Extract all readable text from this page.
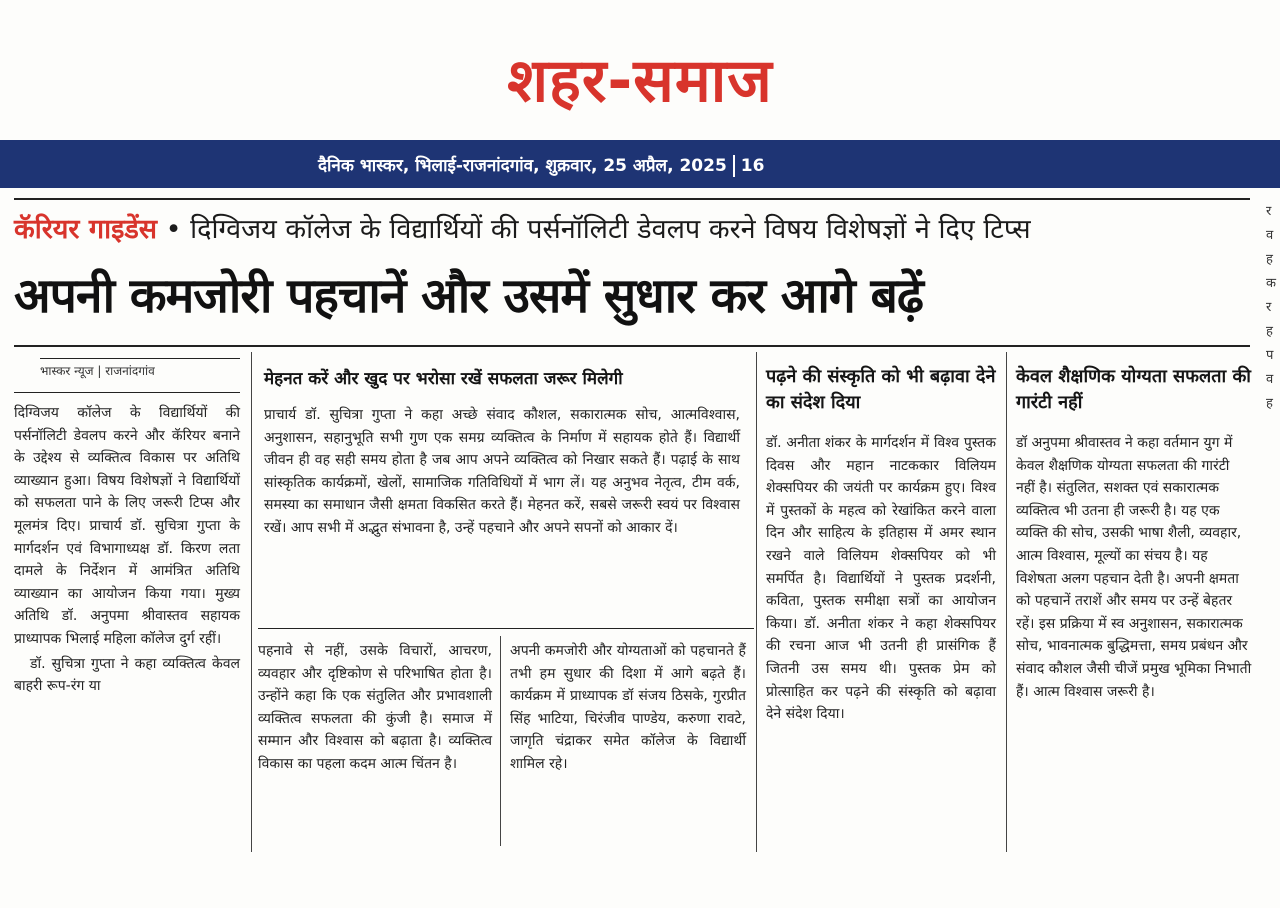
शहर-समाज
दैनिक भास्कर, भिलाई-राजनांदगांव, शुक्रवार, 25 अप्रैल, 2025 16
कॅरियर गाइडेंस • दिग्विजय कॉलेज के विद्यार्थियों की पर्सनॉलिटी डेवलप करने विषय विशेषज्ञों ने दिए टिप्स
अपनी कमजोरी पहचानें और उसमें सुधार कर आगे बढ़ें
भास्कर न्यूज | राजनांदगांव
दिग्विजय कॉलेज के विद्यार्थियों की पर्सनॉलिटी डेवलप करने और कॅरियर बनाने के उद्देश्य से व्यक्तित्व विकास पर अतिथि व्याख्यान हुआ। विषय विशेषज्ञों ने विद्यार्थियों को सफलता पाने के लिए जरूरी टिप्स और मूलमंत्र दिए। प्राचार्य डॉ. सुचित्रा गुप्ता के मार्गदर्शन एवं विभागाध्यक्ष डॉ. किरण लता दामले के निर्देशन में आमंत्रित अतिथि व्याख्यान का आयोजन किया गया। मुख्य अतिथि डॉ. अनुपमा श्रीवास्तव सहायक प्राध्यापक भिलाई महिला कॉलेज दुर्ग रहीं।
डॉ. सुचित्रा गुप्ता ने कहा व्यक्तित्व केवल बाहरी रूप-रंग या
मेहनत करें और खुद पर भरोसा रखें सफलता जरूर मिलेगी
प्राचार्य डॉ. सुचित्रा गुप्ता ने कहा अच्छे संवाद कौशल, सकारात्मक सोच, आत्मविश्वास, अनुशासन, सहानुभूति सभी गुण एक समग्र व्यक्तित्व के निर्माण में सहायक होते हैं। विद्यार्थी जीवन ही वह सही समय होता है जब आप अपने व्यक्तित्व को निखार सकते हैं। पढ़ाई के साथ सांस्कृतिक कार्यक्रमों, खेलों, सामाजिक गतिविधियों में भाग लें। यह अनुभव नेतृत्व, टीम वर्क, समस्या का समाधान जैसी क्षमता विकसित करते हैं। मेहनत करें, सबसे जरूरी स्वयं पर विश्वास रखें। आप सभी में अद्भुत संभावना है, उन्हें पहचाने और अपने सपनों को आकार दें।
पहनावे से नहीं, उसके विचारों, आचरण, व्यवहार और दृष्टिकोण से परिभाषित होता है। उन्होंने कहा कि एक संतुलित और प्रभावशाली व्यक्तित्व सफलता की कुंजी है। समाज में सम्मान और विश्वास को बढ़ाता है। व्यक्तित्व विकास का पहला कदम आत्म चिंतन है।
अपनी कमजोरी और योग्यताओं को पहचानते हैं तभी हम सुधार की दिशा में आगे बढ़ते हैं। कार्यक्रम में प्राध्यापक डॉ संजय ठिसके, गुरप्रीत सिंह भाटिया, चिरंजीव पाण्डेय, करुणा रावटे, जागृति चंद्राकर समेत कॉलेज के विद्यार्थी शामिल रहे।
पढ़ने की संस्कृति को भी बढ़ावा देने का संदेश दिया
डॉ. अनीता शंकर के मार्गदर्शन में विश्व पुस्तक दिवस और महान नाटककार विलियम शेक्सपियर की जयंती पर कार्यक्रम हुए। विश्व में पुस्तकों के महत्व को रेखांकित करने वाला दिन और साहित्य के इतिहास में अमर स्थान रखने वाले विलियम शेक्सपियर को भी समर्पित है। विद्यार्थियों ने पुस्तक प्रदर्शनी, कविता, पुस्तक समीक्षा सत्रों का आयोजन किया। डॉ. अनीता शंकर ने कहा शेक्सपियर की रचना आज भी उतनी ही प्रासंगिक हैं जितनी उस समय थी। पुस्तक प्रेम को प्रोत्साहित कर पढ़ने की संस्कृति को बढ़ावा देने संदेश दिया।
केवल शैक्षणिक योग्यता सफलता की गारंटी नहीं
डॉ अनुपमा श्रीवास्तव ने कहा वर्तमान युग में केवल शैक्षणिक योग्यता सफलता की गारंटी नहीं है। संतुलित, सशक्त एवं सकारात्मक व्यक्तित्व भी उतना ही जरूरी है। यह एक व्यक्ति की सोच, उसकी भाषा शैली, व्यवहार, आत्म विश्वास, मूल्यों का संचय है। यह विशेषता अलग पहचान देती है। अपनी क्षमता को पहचानें तराशें और समय पर उन्हें बेहतर रहें। इस प्रक्रिया में स्व अनुशासन, सकारात्मक सोच, भावनात्मक बुद्धिमत्ता, समय प्रबंधन और संवाद कौशल जैसी चीजें प्रमुख भूमिका निभाती हैं। आत्म विश्वास जरूरी है।
र व ह क र ह प व ह
